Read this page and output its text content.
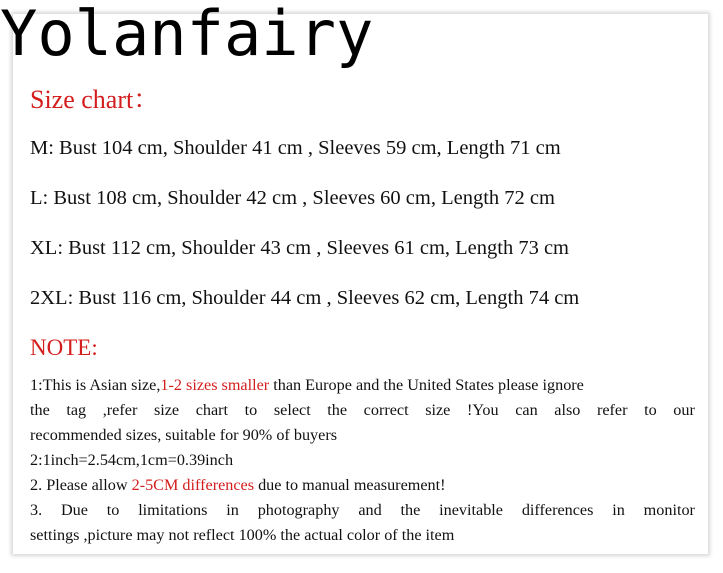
Yolanfairy
Size chart：
M: Bust 104 cm, Shoulder 41 cm , Sleeves 59 cm, Length 71 cm
L: Bust 108 cm, Shoulder 42 cm , Sleeves 60 cm, Length 72 cm
XL: Bust 112 cm, Shoulder 43 cm , Sleeves 61 cm, Length 73 cm
2XL: Bust 116 cm, Shoulder 44 cm , Sleeves 62 cm, Length 74 cm
NOTE:
1:This is Asian size,1-2 sizes smaller than Europe and the United States please ignore
the tag ,refer size chart to select the correct size !You can also refer to our
recommended sizes, suitable for 90% of buyers
2:1inch=2.54cm,1cm=0.39inch
2. Please allow 2-5CM differences due to manual measurement!
3. Due to limitations in photography and the inevitable differences in monitor
settings ,picture may not reflect 100% the actual color of the item
